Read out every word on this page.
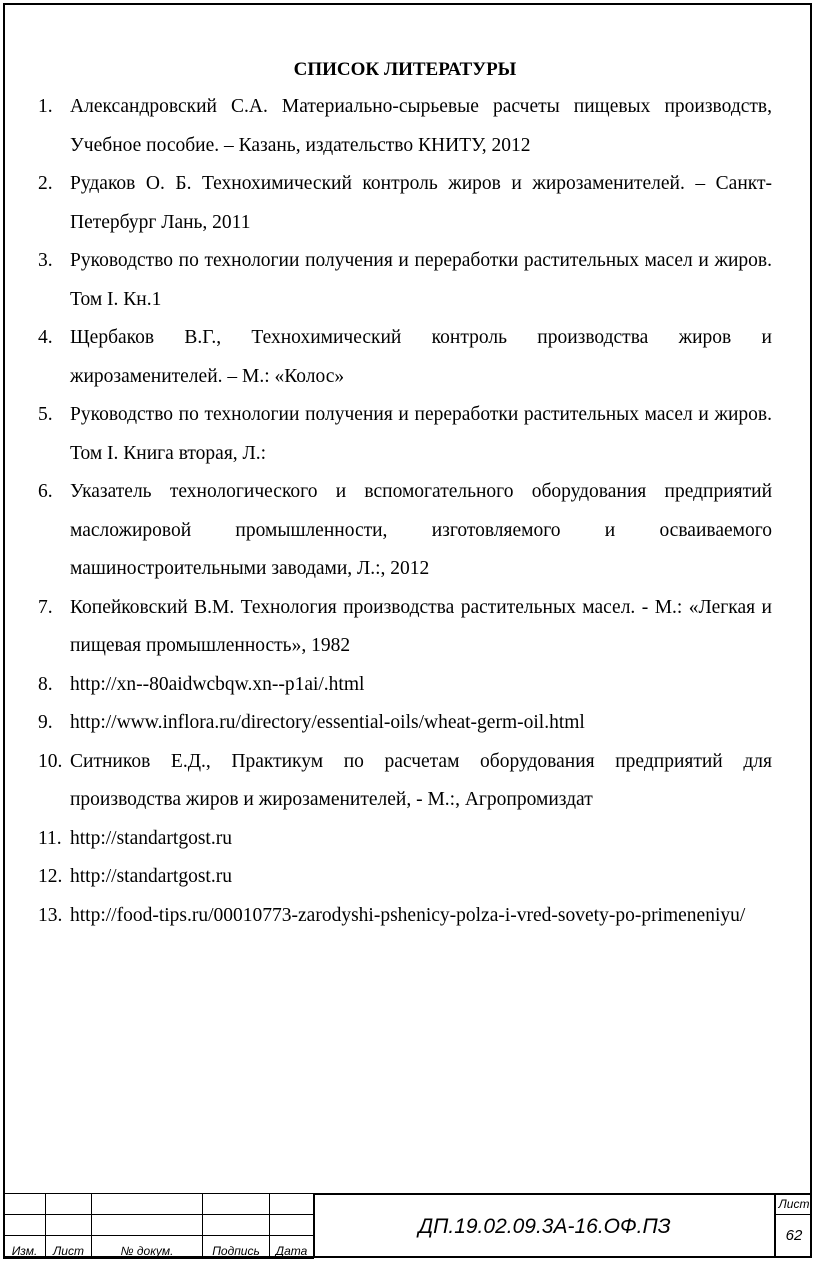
СПИСОК ЛИТЕРАТУРЫ

1. Александровский С.А. Материально-сырьевые расчеты пищевых производств, Учебное пособие. – Казань, издательство КНИТУ, 2012
2. Рудаков О. Б. Технохимический контроль жиров и жирозаменителей. – Санкт-Петербург Лань, 2011
3. Руководство по технологии получения и переработки растительных масел и жиров. Том I. Кн.1
4. Щербаков В.Г., Технохимический контроль производства жиров и жирозаменителей. – М.: «Колос»
5. Руководство по технологии получения и переработки растительных масел и жиров. Том I. Книга вторая, Л.:
6. Указатель технологического и вспомогательного оборудования предприятий масложировой промышленности, изготовляемого и осваиваемого машиностроительными заводами, Л.:, 2012
7. Копейковский В.М. Технология производства растительных масел. - М.: «Легкая и пищевая промышленность», 1982
8. http://xn--80aidwcbqw.xn--p1ai/.html
9. http://www.inflora.ru/directory/essential-oils/wheat-germ-oil.html
10. Ситников Е.Д., Практикум по расчетам оборудования предприятий для производства жиров и жирозаменителей, - М.:, Агропромиздат
11. http://standartgost.ru
12. http://standartgost.ru
13. http://food-tips.ru/00010773-zarodyshi-pshenicy-polza-i-vred-sovety-po-primeneniyu/

Изм.	Лист	№ докум.	Подпись	Дата
ДП.19.02.09.3А-16.ОФ.ПЗ
Лист
62
